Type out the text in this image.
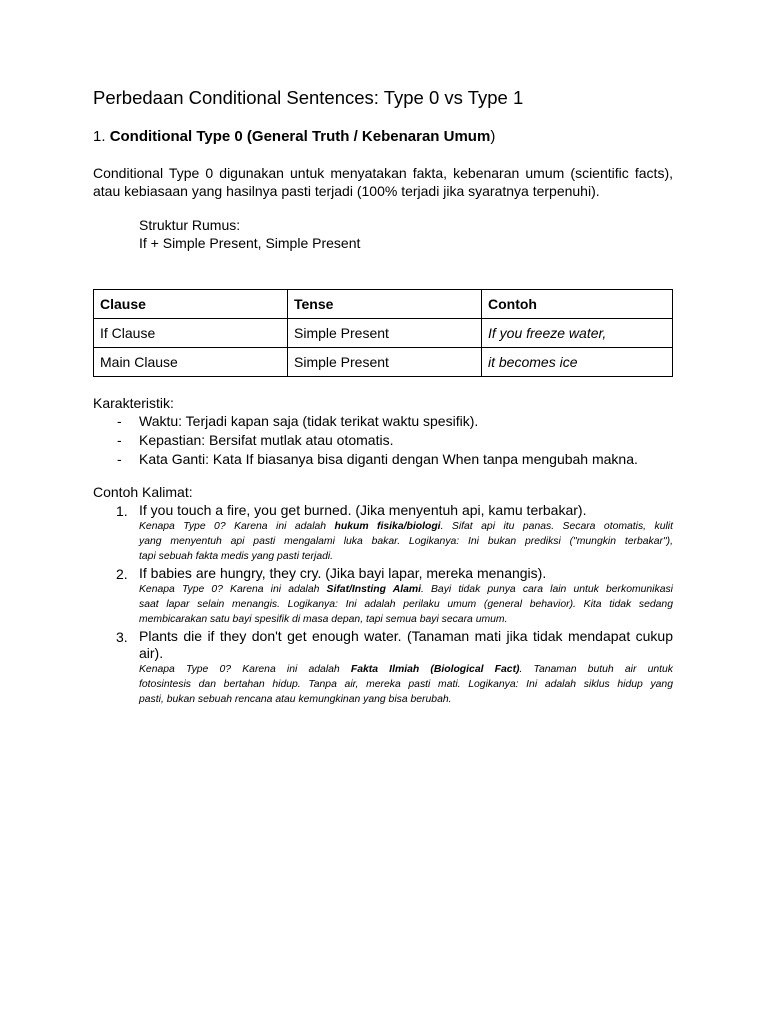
Perbedaan Conditional Sentences: Type 0 vs Type 1
1. Conditional Type 0 (General Truth / Kebenaran Umum)

Conditional Type 0 digunakan untuk menyatakan fakta, kebenaran umum (scientific facts),
atau kebiasaan yang hasilnya pasti terjadi (100% terjadi jika syaratnya terpenuhi).

Struktur Rumus:
If + Simple Present, Simple Present
Clause	Tense	Contoh
If Clause	Simple Present	If you freeze water,
Main Clause	Simple Present	it becomes ice
Karakteristik:
- Waktu: Terjadi kapan saja (tidak terikat waktu spesifik).
- Kepastian: Bersifat mutlak atau otomatis.
- Kata Ganti: Kata If biasanya bisa diganti dengan When tanpa mengubah makna.
Contoh Kalimat:
1. If you touch a fire, you get burned. (Jika menyentuh api, kamu terbakar).
Kenapa Type 0? Karena ini adalah hukum fisika/biologi. Sifat api itu panas. Secara otomatis, kulit
yang menyentuh api pasti mengalami luka bakar. Logikanya: Ini bukan prediksi ("mungkin terbakar"),
tapi sebuah fakta medis yang pasti terjadi.
2. If babies are hungry, they cry. (Jika bayi lapar, mereka menangis).
Kenapa Type 0? Karena ini adalah Sifat/Insting Alami. Bayi tidak punya cara lain untuk berkomunikasi
saat lapar selain menangis. Logikanya: Ini adalah perilaku umum (general behavior). Kita tidak sedang
membicarakan satu bayi spesifik di masa depan, tapi semua bayi secara umum.
3. Plants die if they don't get enough water. (Tanaman mati jika tidak mendapat cukup
air).
Kenapa Type 0? Karena ini adalah Fakta Ilmiah (Biological Fact). Tanaman butuh air untuk
fotosintesis dan bertahan hidup. Tanpa air, mereka pasti mati. Logikanya: Ini adalah siklus hidup yang
pasti, bukan sebuah rencana atau kemungkinan yang bisa berubah.
